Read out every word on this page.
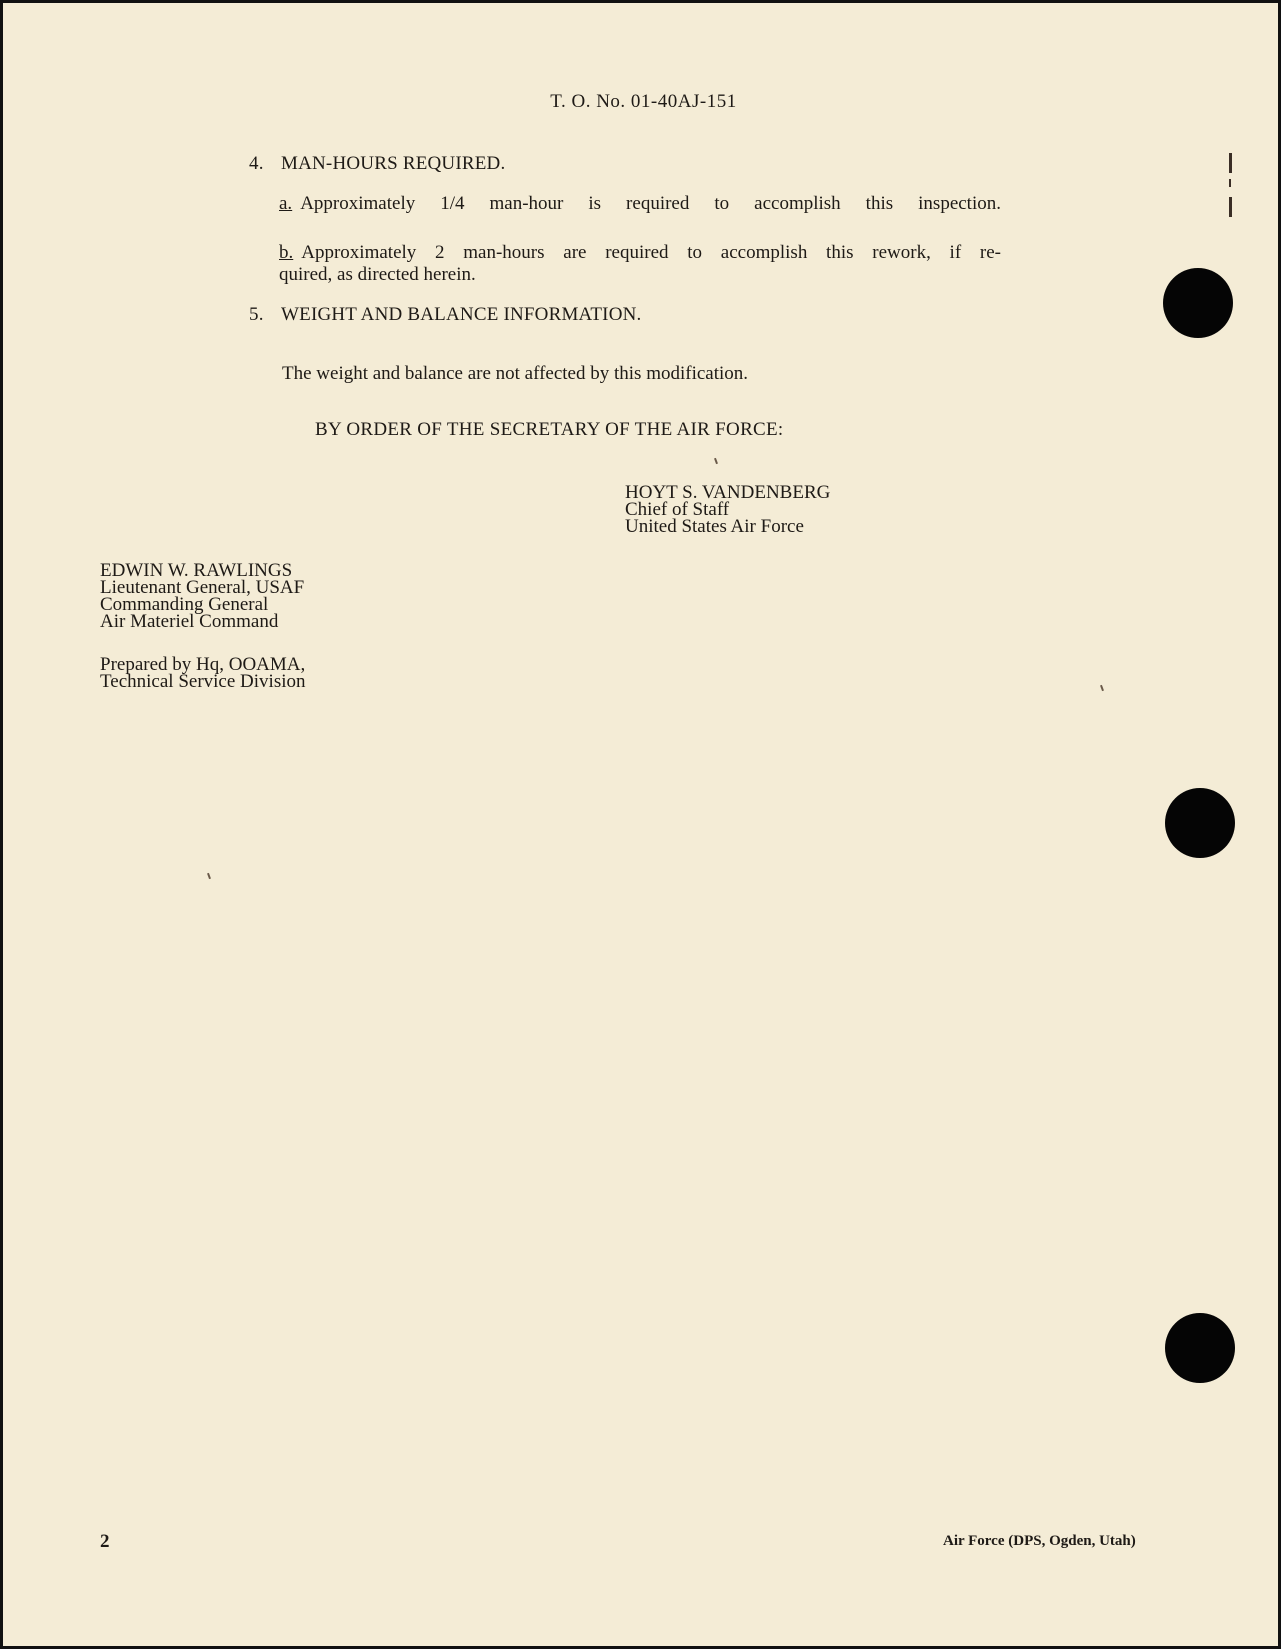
T. O. No. 01-40AJ-151
4. MAN-HOURS REQUIRED.
a. Approximately 1/4 man-hour is required to accomplish this inspection.
b. Approximately 2 man-hours are required to accomplish this rework, if re-
quired, as directed herein.
5. WEIGHT AND BALANCE INFORMATION.
The weight and balance are not affected by this modification.
BY ORDER OF THE SECRETARY OF THE AIR FORCE:
HOYT S. VANDENBERG
Chief of Staff
United States Air Force
EDWIN W. RAWLINGS
Lieutenant General, USAF
Commanding General
Air Materiel Command
Prepared by Hq, OOAMA,
Technical Service Division
2	Air Force (DPS, Ogden, Utah)
